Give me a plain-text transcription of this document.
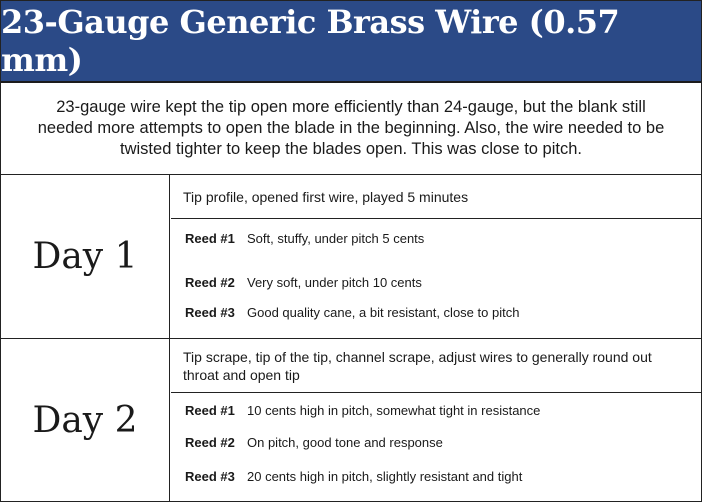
23-Gauge Generic Brass Wire (0.57 mm)
23-gauge wire kept the tip open more efficiently than 24-gauge, but the blank still needed more attempts to open the blade in the beginning. Also, the wire needed to be twisted tighter to keep the blades open. This was close to pitch.
Day 1
Tip profile, opened first wire, played 5 minutes
Reed #1 Soft, stuffy, under pitch 5 cents
Reed #2 Very soft, under pitch 10 cents
Reed #3 Good quality cane, a bit resistant, close to pitch
Day 2
Tip scrape, tip of the tip, channel scrape, adjust wires to generally round out throat and open tip
Reed #1 10 cents high in pitch, somewhat tight in resistance
Reed #2 On pitch, good tone and response
Reed #3 20 cents high in pitch, slightly resistant and tight
